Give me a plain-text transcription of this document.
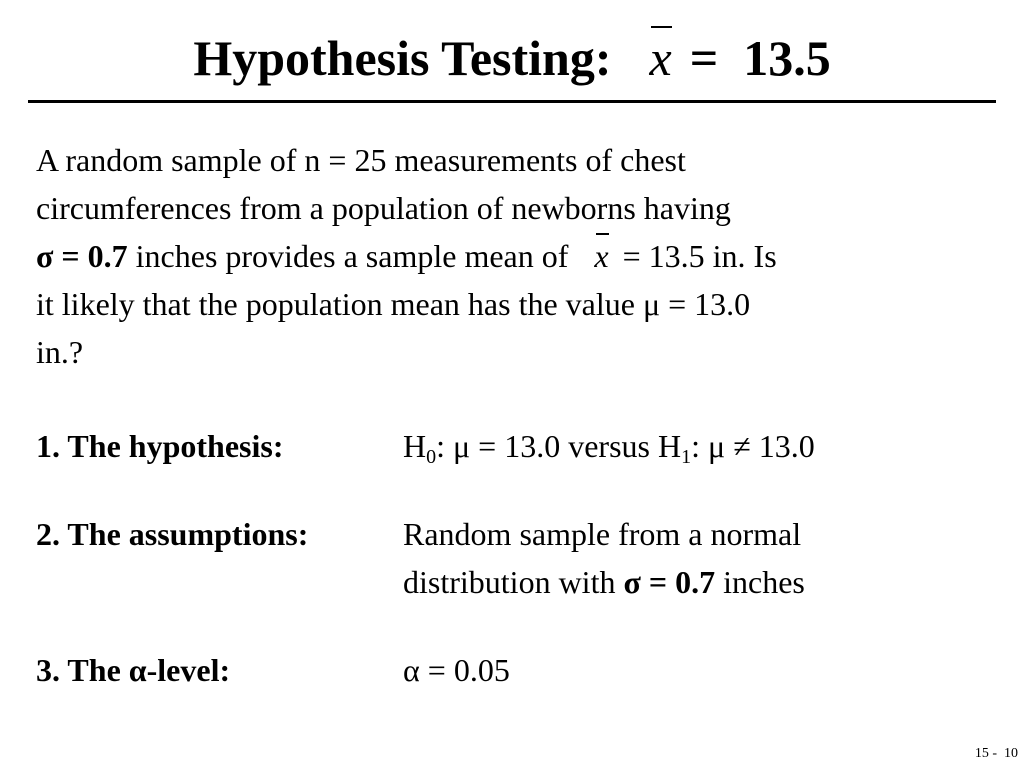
Hypothesis Testing: x = 13.5
A random sample of n = 25 measurements of chest
circumferences from a population of newborns having
σ = 0.7 inches provides a sample mean of x = 13.5 in. Is
it likely that the population mean has the value μ = 13.0
in.?
1. The hypothesis:	$H_0$: μ = 13.0 versus $H_1$: μ ≠ 13.0
2. The assumptions:	Random sample from a normal
distribution with σ = 0.7 inches
3. The α-level:	α = 0.05
15 -  10
